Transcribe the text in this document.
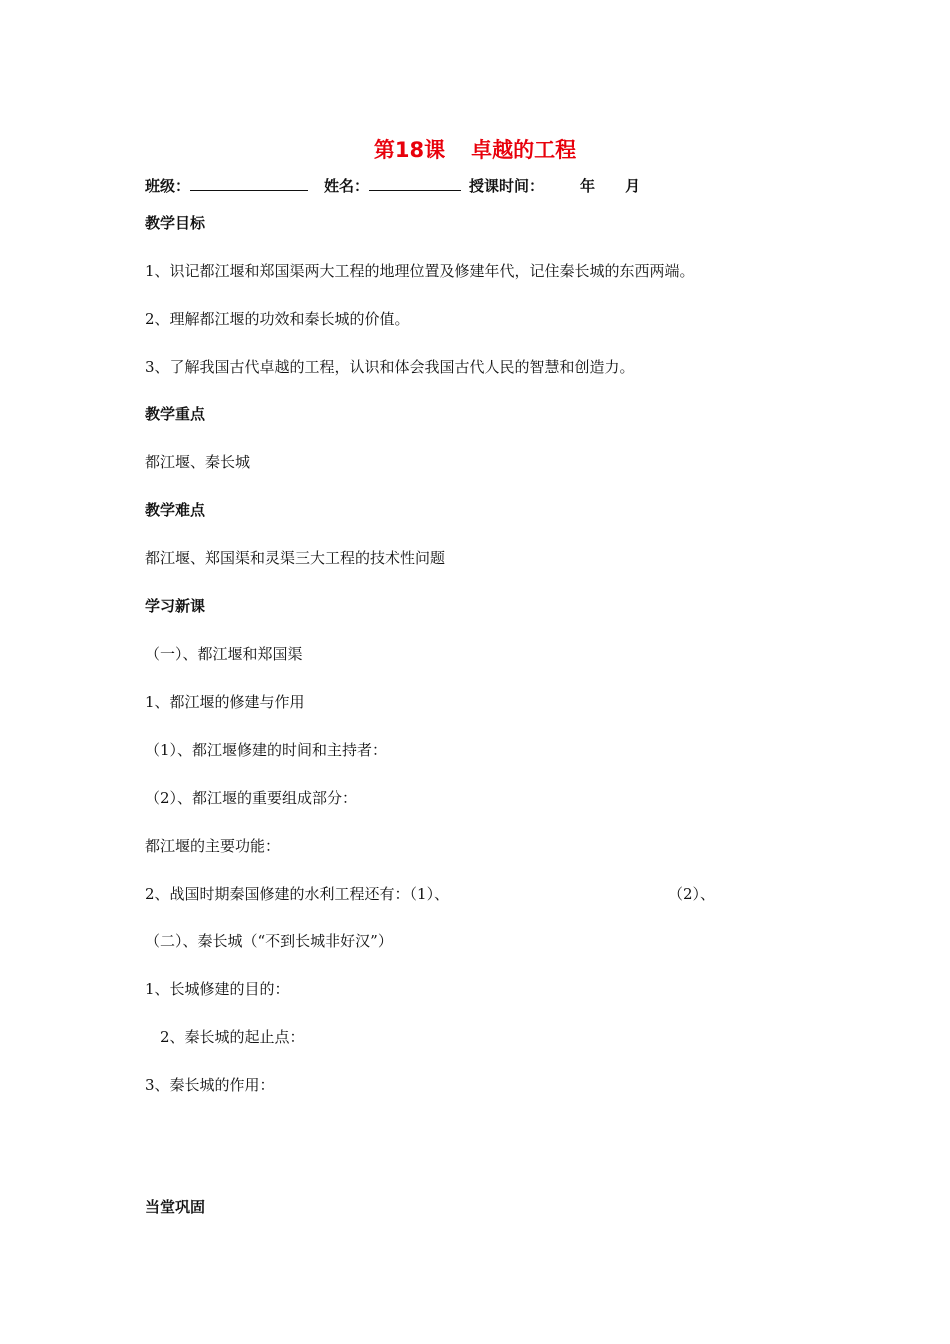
第18课 卓越的工程
班级：	姓名：	授课时间： 年 月
教学目标
1、识记都江堰和郑国渠两大工程的地理位置及修建年代，记住秦长城的东西两端。
2、理解都江堰的功效和秦长城的价值。
3、了解我国古代卓越的工程，认识和体会我国古代人民的智慧和创造力。
教学重点
都江堰、秦长城
教学难点
都江堰、郑国渠和灵渠三大工程的技术性问题
学习新课
（一）、都江堰和郑国渠
1、都江堰的修建与作用
（1）、都江堰修建的时间和主持者：
（2）、都江堰的重要组成部分：
都江堰的主要功能：
2、战国时期秦国修建的水利工程还有：（1）、	（2）、
（二）、秦长城（“不到长城非好汉”）
1、长城修建的目的：
2、秦长城的起止点：
3、秦长城的作用：
当堂巩固
